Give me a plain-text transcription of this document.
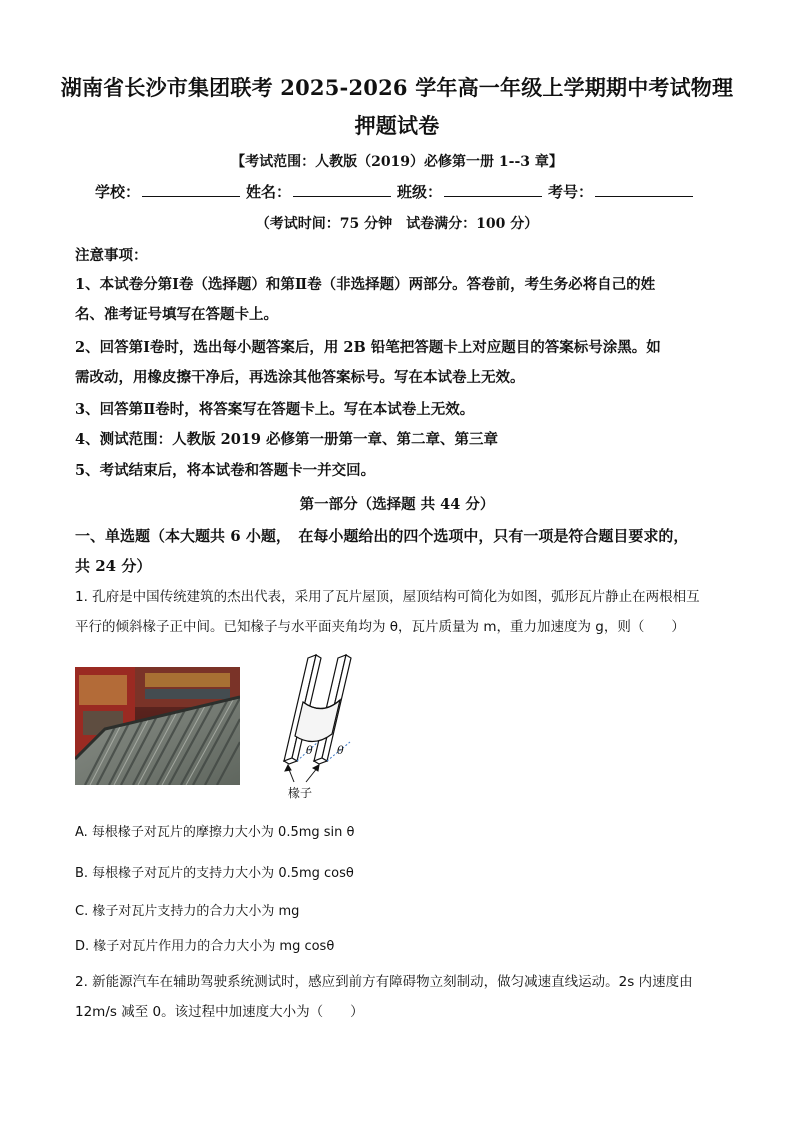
湖南省长沙市集团联考 2025-2026 学年高一年级上学期期中考试物理
押题试卷
【考试范围：人教版（2019）必修第一册 1--3 章】
学校：	姓名：	班级：	考号：
（考试时间：75 分钟　试卷满分：100 分）
注意事项：
1、本试卷分第Ⅰ卷（选择题）和第Ⅱ卷（非选择题）两部分。答卷前，考生务必将自己的姓
名、准考证号填写在答题卡上。
2、回答第Ⅰ卷时，选出每小题答案后，用 2B 铅笔把答题卡上对应题目的答案标号涂黑。如
需改动，用橡皮擦干净后，再选涂其他答案标号。写在本试卷上无效。
3、回答第Ⅱ卷时，将答案写在答题卡上。写在本试卷上无效。
4、测试范围：人教版 2019 必修第一册第一章、第二章、第三章
5、考试结束后，将本试卷和答题卡一并交回。
第一部分（选择题 共 44 分）
一、单选题（本大题共 6 小题，　在每小题给出的四个选项中，只有一项是符合题目要求的，
共 24 分）
1. 孔府是中国传统建筑的杰出代表，采用了瓦片屋顶，屋顶结构可简化为如图，弧形瓦片静止在两根相互
平行的倾斜椽子正中间。已知椽子与水平面夹角均为 θ，瓦片质量为 m，重力加速度为 g，则（　　）
θ θ
椽子
A. 每根椽子对瓦片的摩擦力大小为 0.5mg sin θ
B. 每根椽子对瓦片的支持力大小为 0.5mg cosθ
C. 椽子对瓦片支持力的合力大小为 mg
D. 椽子对瓦片作用力的合力大小为 mg cosθ
2. 新能源汽车在辅助驾驶系统测试时，感应到前方有障碍物立刻制动，做匀减速直线运动。2s 内速度由
12m/s 减至 0。该过程中加速度大小为（　　）
